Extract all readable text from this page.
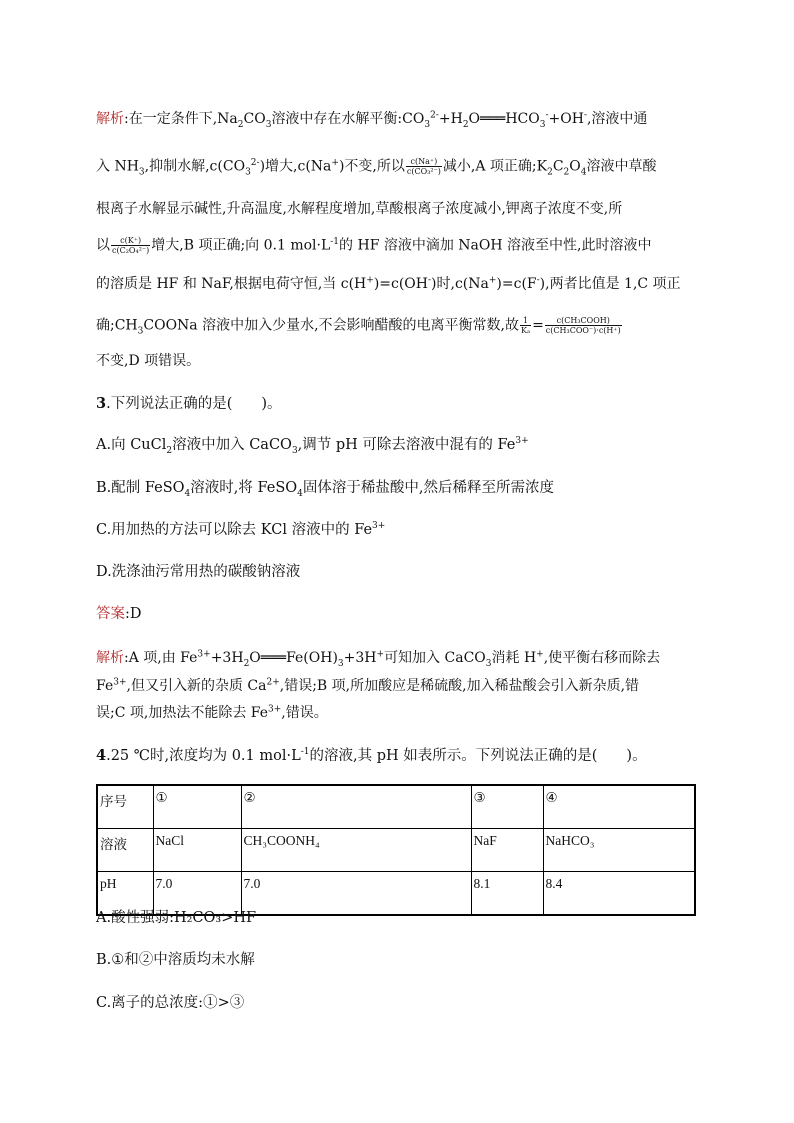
解析:在一定条件下$,Na_2CO_3$溶液中存在水解平衡$:CO_3^{2-}+H_2O═══HCO_3^-+OH^-$,溶液中通
入 $NH_3$,抑制水解$,c(CO_3^{2-})$增大,c(Na+)不变,所以 $\frac{c(Na^+)}{\text{c(CO₃²⁻)}}$ 减小,A 项正确$;K_2C_2O_4$溶液中草酸
根离子水解显示碱性,升高温度,水解程度增加,草酸根离子浓度减小,钾离子浓度不变,所
以 $\frac{c(K^+)}{\text{c(C₂O₄²⁻)}}$ 增大,B 项正确;向 0.1 $mol\cdot L^{-1}$的 HF 溶液中滴加 NaOH 溶液至中性,此时溶液中
的溶质是 HF 和 NaF,根据电荷守恒,当 c(H+)=c(OH-)时,c(Na+)=c(F-),两者比值是 1,C 项正
确$;CH_3COONa$ 溶液中加入少量水,不会影响醋酸的电离平衡常数,故 $\frac{1}{\text{Kₐ}} = \frac{\text{c(CH₃COOH)}}{\text{c(CH₃COO⁻)·c(H⁺)}}$
不变,D 项错误。
3.下列说法正确的是(　　)。
A.向 CuCl$_2$溶液中加入 CaCO$_3$,调节 pH 可除去溶液中混有的 $Fe^{3+}$
B.配制 FeSO$_4$溶液时,将 FeSO$_4$固体溶于稀盐酸中,然后稀释至所需浓度
C.用加热的方法可以除去 KCl 溶液中的 $Fe^{3+}$
D.洗涤油污常用热的碳酸钠溶液
答案:D
解析:A 项,由 $Fe^{3+}+3H_2O═══Fe(OH)_3+3H^+$可知加入 CaCO$_3$消耗 H+,使平衡右移而除去
$Fe^{3+}$,但又引入新的杂质 $Ca^{2+}$,错误;B 项,所加酸应是稀硫酸,加入稀盐酸会引入新杂质,错
误;C 项,加热法不能除去 $Fe^{3+}$,错误。
4.25 ℃时,浓度均为 0.1 $mol\cdot L^{-1}$的溶液,其 pH 如表所示。下列说法正确的是(　　)。
序号	①	②	③	④
溶液	NaCl	CH₃COONH₄	NaF	NaHCO₃
pH	7.0	7.0	8.1	8.4
A.酸性强弱:H₂CO₃>HF
B.①和②中溶质均未水解
C.离子的总浓度:①>③
